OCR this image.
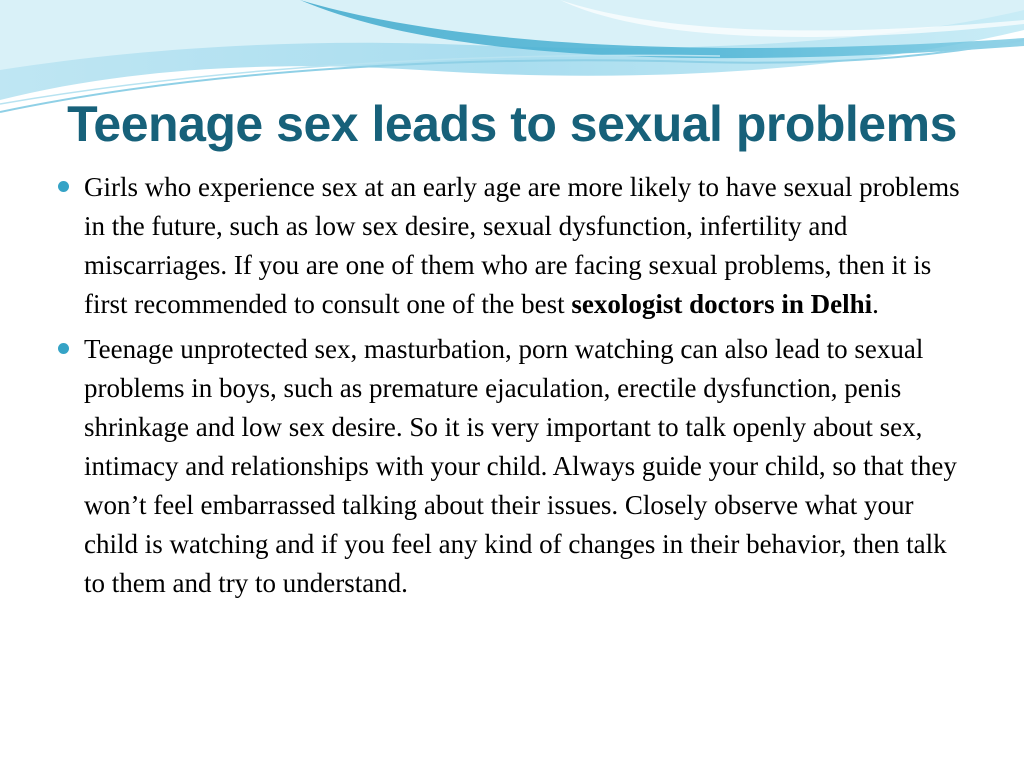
Teenage sex leads to sexual problems
Girls who experience sex at an early age are more likely to have sexual problems in the future, such as low sex desire, sexual dysfunction, infertility and miscarriages. If you are one of them who are facing sexual problems, then it is first recommended to consult one of the best sexologist doctors in Delhi.
Teenage unprotected sex, masturbation, porn watching can also lead to sexual problems in boys, such as premature ejaculation, erectile dysfunction, penis shrinkage and low sex desire. So it is very important to talk openly about sex, intimacy and relationships with your child. Always guide your child, so that they won’t feel embarrassed talking about their issues. Closely observe what your child is watching and if you feel any kind of changes in their behavior, then talk to them and try to understand.
